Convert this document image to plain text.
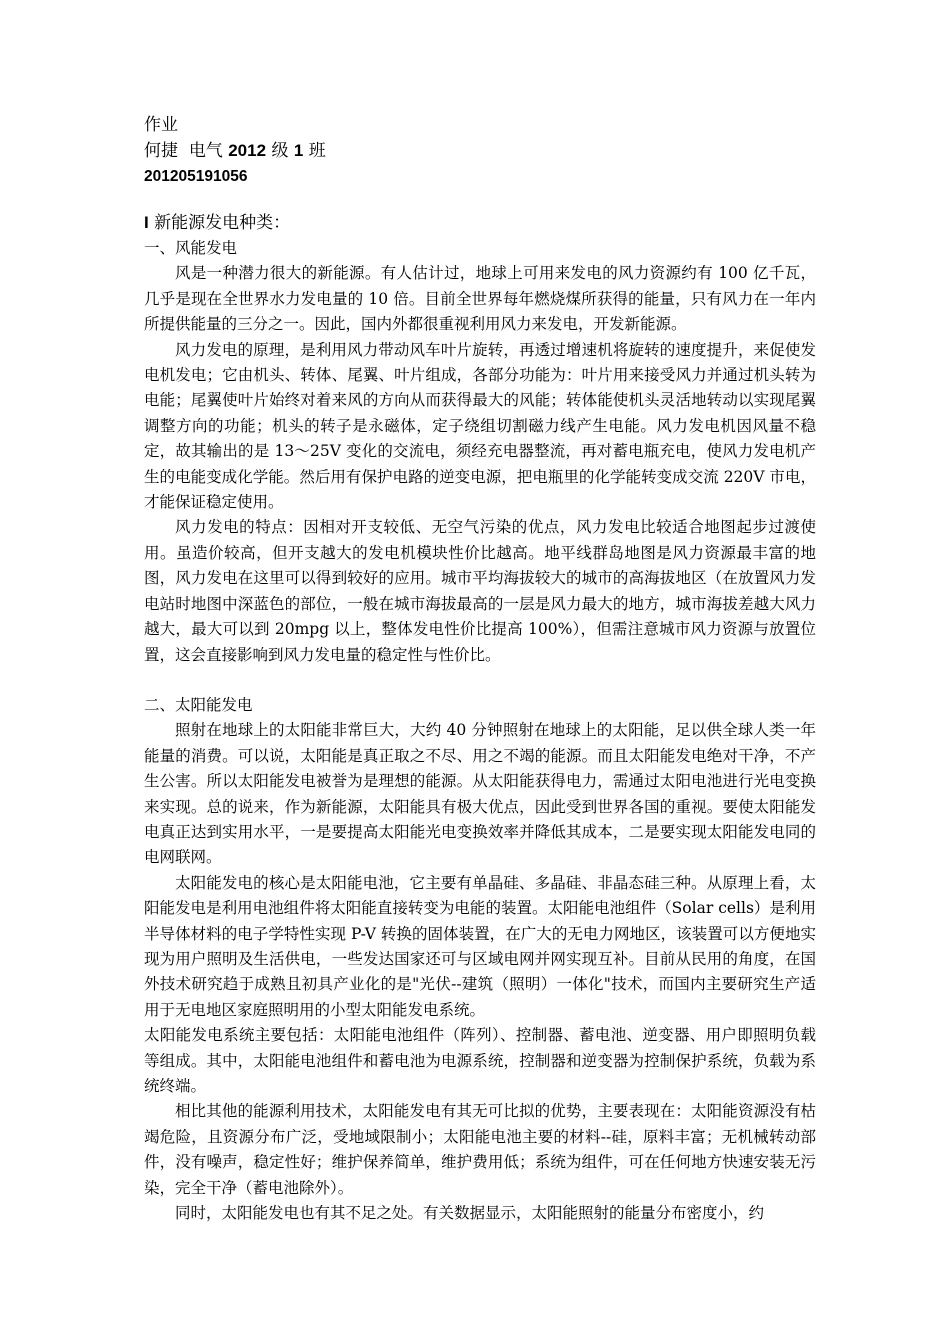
作业
何捷 电气 2012 级 1 班
201205191056
I 新能源发电种类：
一、风能发电

风是一种潜力很大的新能源。有人估计过，地球上可用来发电的风力资源约有 100 亿千瓦，几乎是现在全世界水力发电量的 10 倍。目前全世界每年燃烧煤所获得的能量，只有风力在一年内所提供能量的三分之一。因此，国内外都很重视利用风力来发电，开发新能源。

风力发电的原理，是利用风力带动风车叶片旋转，再透过增速机将旋转的速度提升，来促使发电机发电；它由机头、转体、尾翼、叶片组成，各部分功能为：叶片用来接受风力并通过机头转为电能；尾翼使叶片始终对着来风的方向从而获得最大的风能；转体能使机头灵活地转动以实现尾翼调整方向的功能；机头的转子是永磁体，定子绕组切割磁力线产生电能。风力发电机因风量不稳定，故其输出的是 13～25V 变化的交流电，须经充电器整流，再对蓄电瓶充电，使风力发电机产生的电能变成化学能。然后用有保护电路的逆变电源，把电瓶里的化学能转变成交流 220V 市电，才能保证稳定使用。

风力发电的特点：因相对开支较低、无空气污染的优点，风力发电比较适合地图起步过渡使用。虽造价较高，但开支越大的发电机模块性价比越高。地平线群岛地图是风力资源最丰富的地图，风力发电在这里可以得到较好的应用。城市平均海拔较大的城市的高海拔地区（在放置风力发电站时地图中深蓝色的部位，一般在城市海拔最高的一层是风力最大的地方，城市海拔差越大风力越大，最大可以到 20mpg 以上，整体发电性价比提高 100%），但需注意城市风力资源与放置位置，这会直接影响到风力发电量的稳定性与性价比。

二、太阳能发电

照射在地球上的太阳能非常巨大，大约 40 分钟照射在地球上的太阳能，足以供全球人类一年能量的消费。可以说，太阳能是真正取之不尽、用之不竭的能源。而且太阳能发电绝对干净，不产生公害。所以太阳能发电被誉为是理想的能源。从太阳能获得电力，需通过太阳电池进行光电变换来实现。总的说来，作为新能源，太阳能具有极大优点，因此受到世界各国的重视。要使太阳能发电真正达到实用水平，一是要提高太阳能光电变换效率并降低其成本，二是要实现太阳能发电同的电网联网。

太阳能发电的核心是太阳能电池，它主要有单晶硅、多晶硅、非晶态硅三种。从原理上看，太阳能发电是利用电池组件将太阳能直接转变为电能的装置。太阳能电池组件（Solar cells）是利用半导体材料的电子学特性实现 P-V 转换的固体装置，在广大的无电力网地区，该装置可以方便地实现为用户照明及生活供电，一些发达国家还可与区域电网并网实现互补。目前从民用的角度，在国外技术研究趋于成熟且初具产业化的是"光伏--建筑（照明）一体化"技术，而国内主要研究生产适用于无电地区家庭照明用的小型太阳能发电系统。

太阳能发电系统主要包括：太阳能电池组件（阵列）、控制器、蓄电池、逆变器、用户即照明负载等组成。其中，太阳能电池组件和蓄电池为电源系统，控制器和逆变器为控制保护系统，负载为系统终端。

相比其他的能源利用技术，太阳能发电有其无可比拟的优势，主要表现在：太阳能资源没有枯竭危险，且资源分布广泛，受地域限制小；太阳能电池主要的材料--硅，原料丰富；无机械转动部件，没有噪声，稳定性好；维护保养简单，维护费用低；系统为组件，可在任何地方快速安装无污染，完全干净（蓄电池除外）。

同时，太阳能发电也有其不足之处。有关数据显示，太阳能照射的能量分布密度小，约
